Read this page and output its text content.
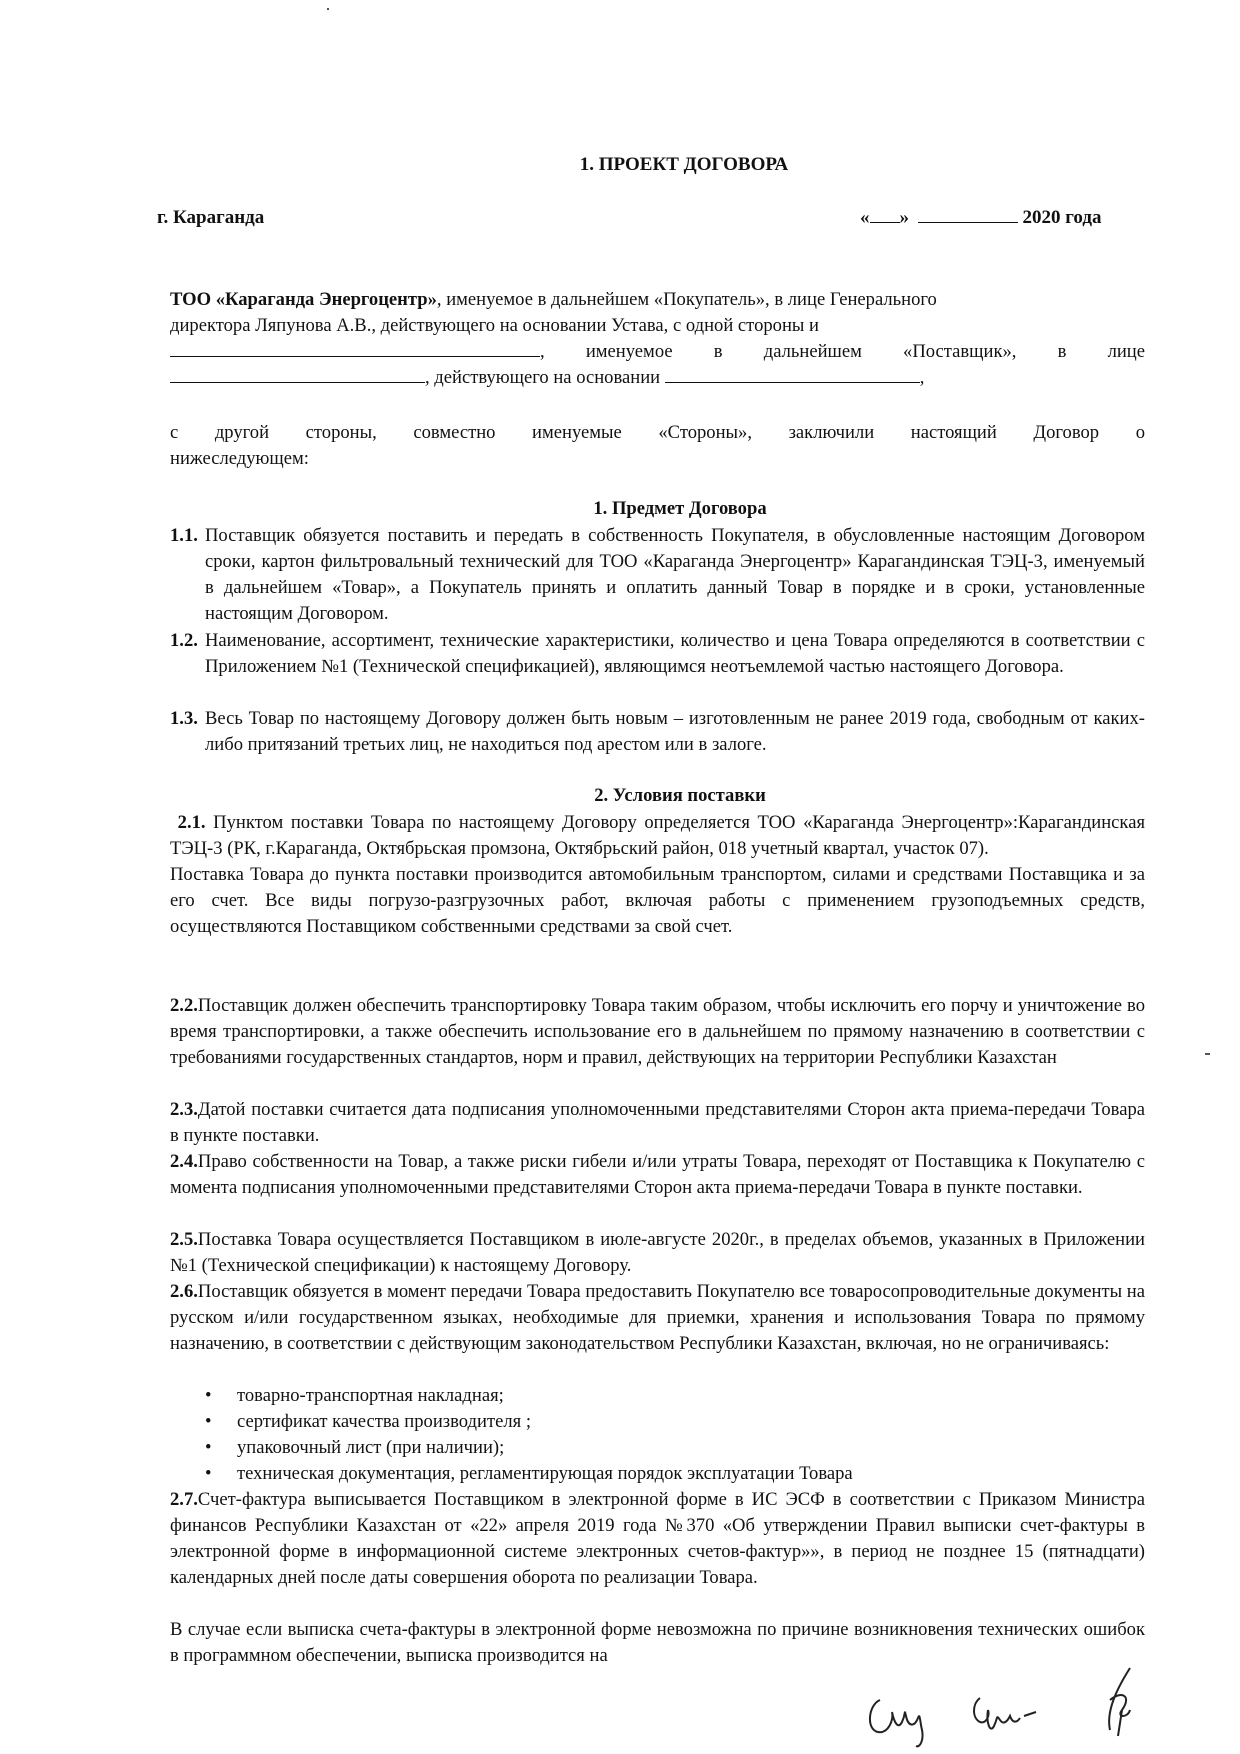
1. ПРОЕКТ ДОГОВОРА
г. Караганда	« »	2020 года
ТОО «Караганда Энергоцентр», именуемое в дальнейшем «Покупатель», в лице Генерального
директора Ляпунова А.В., действующего на основании Устава, с одной стороны и
, именуемое в дальнейшем «Поставщик», в лице
, действующего на основании	,
с другой стороны, совместно именуемые «Стороны», заключили настоящий Договор о
нижеследующем:
1. Предмет Договора
1.1. Поставщик обязуется поставить и передать в собственность Покупателя, в обусловленные настоящим Договором сроки, картон фильтровальный технический для ТОО «Караганда Энергоцентр» Карагандинская ТЭЦ-3, именуемый в дальнейшем «Товар», а Покупатель принять и оплатить данный Товар в порядке и в сроки, установленные настоящим Договором.
1.2. Наименование, ассортимент, технические характеристики, количество и цена Товара определяются в соответствии с Приложением №1 (Технической спецификацией), являющимся неотъемлемой частью настоящего Договора.
1.3. Весь Товар по настоящему Договору должен быть новым – изготовленным не ранее 2019 года, свободным от каких-либо притязаний третьих лиц, не находиться под арестом или в залоге.
2. Условия поставки
2.1. Пунктом поставки Товара по настоящему Договору определяется ТОО «Караганда Энергоцентр»:Карагандинская ТЭЦ-3 (РК, г.Караганда, Октябрьская промзона, Октябрьский район, 018 учетный квартал, участок 07).
Поставка Товара до пункта поставки производится автомобильным транспортом, силами и средствами Поставщика и за его счет. Все виды погрузо-разгрузочных работ, включая работы с применением грузоподъемных средств, осуществляются Поставщиком собственными средствами за свой счет.
2.2.Поставщик должен обеспечить транспортировку Товара таким образом, чтобы исключить его порчу и уничтожение во время транспортировки, а также обеспечить использование его в дальнейшем по прямому назначению в соответствии с требованиями государственных стандартов, норм и правил, действующих на территории Республики Казахстан
2.3.Датой поставки считается дата подписания уполномоченными представителями Сторон акта приема-передачи Товара в пункте поставки.
2.4.Право собственности на Товар, а также риски гибели и/или утраты Товара, переходят от Поставщика к Покупателю с момента подписания уполномоченными представителями Сторон акта приема-передачи Товара в пункте поставки.
2.5.Поставка Товара осуществляется Поставщиком в июле-августе 2020г., в пределах объемов, указанных в Приложении №1 (Технической спецификации) к настоящему Договору.
2.6.Поставщик обязуется в момент передачи Товара предоставить Покупателю все товаросопроводительные документы на русском и/или государственном языках, необходимые для приемки, хранения и использования Товара по прямому назначению, в соответствии с действующим законодательством Республики Казахстан, включая, но не ограничиваясь:
• товарно-транспортная накладная;
• сертификат качества производителя ;
• упаковочный лист (при наличии);
• техническая документация, регламентирующая порядок эксплуатации Товара
2.7.Счет-фактура выписывается Поставщиком в электронной форме в ИС ЭСФ в соответствии с Приказом Министра финансов Республики Казахстан от «22» апреля 2019 года №370 «Об утверждении Правил выписки счет-фактуры в электронной форме в информационной системе электронных счетов-фактур»», в период не позднее 15 (пятнадцати) календарных дней после даты совершения оборота по реализации Товара.
В случае если выписка счета-фактуры в электронной форме невозможна по причине возникновения технических ошибок в программном обеспечении, выписка производится на
